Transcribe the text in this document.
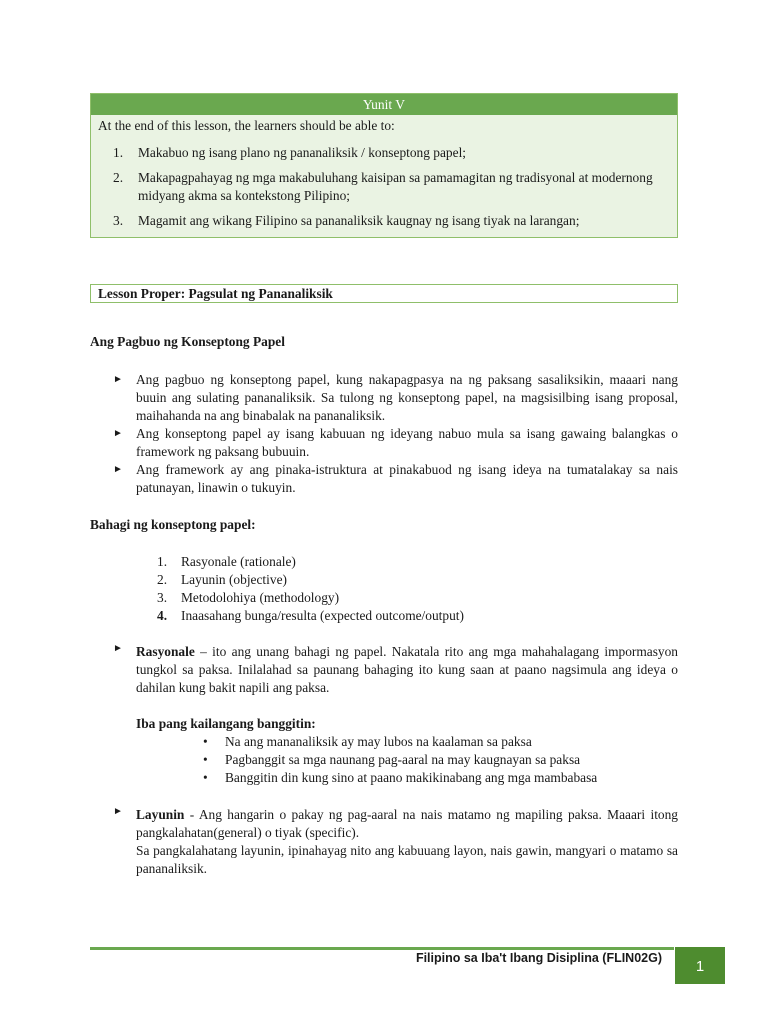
Yunit V
At the end of this lesson, the learners should be able to:
1. Makabuo ng isang plano ng pananaliksik / konseptong papel;
2. Makapagpahayag ng mga makabuluhang kaisipan sa pamamagitan ng tradisyonal at modernong midyang akma sa kontekstong Pilipino;
3. Magamit ang wikang Filipino sa pananaliksik kaugnay ng isang tiyak na larangan;
Lesson Proper: Pagsulat ng Pananaliksik
Ang Pagbuo ng Konseptong Papel
► Ang pagbuo ng konseptong papel, kung nakapagpasya na ng paksang sasaliksikin, maaari nang buuin ang sulating pananaliksik. Sa tulong ng konseptong papel, na magsisilbing isang proposal, maihahanda na ang binabalak na pananaliksik.
► Ang konseptong papel ay isang kabuuan ng ideyang nabuo mula sa isang gawaing balangkas o framework ng paksang bubuuin.
► Ang framework ay ang pinaka-istruktura at pinakabuod ng isang ideya na tumatalakay sa nais patunayan, linawin o tukuyin.
Bahagi ng konseptong papel:
1. Rasyonale (rationale)
2. Layunin (objective)
3. Metodolohiya (methodology)
4. Inaasahang bunga/resulta (expected outcome/output)
► Rasyonale – ito ang unang bahagi ng papel. Nakatala rito ang mga mahahalagang impormasyon tungkol sa paksa. Inilalahad sa paunang bahaging ito kung saan at paano nagsimula ang ideya o dahilan kung bakit napili ang paksa.
Iba pang kailangang banggitin:
• Na ang mananaliksik ay may lubos na kaalaman sa paksa
• Pagbanggit sa mga naunang pag-aaral na may kaugnayan sa paksa
• Banggitin din kung sino at paano makikinabang ang mga mambabasa
► Layunin - Ang hangarin o pakay ng pag-aaral na nais matamo ng mapiling paksa. Maaari itong pangkalahatan(general) o tiyak (specific).
Sa pangkalahatang layunin, ipinahayag nito ang kabuuang layon, nais gawin, mangyari o matamo sa pananaliksik.
Filipino sa Iba't Ibang Disiplina (FLIN02G)	1
